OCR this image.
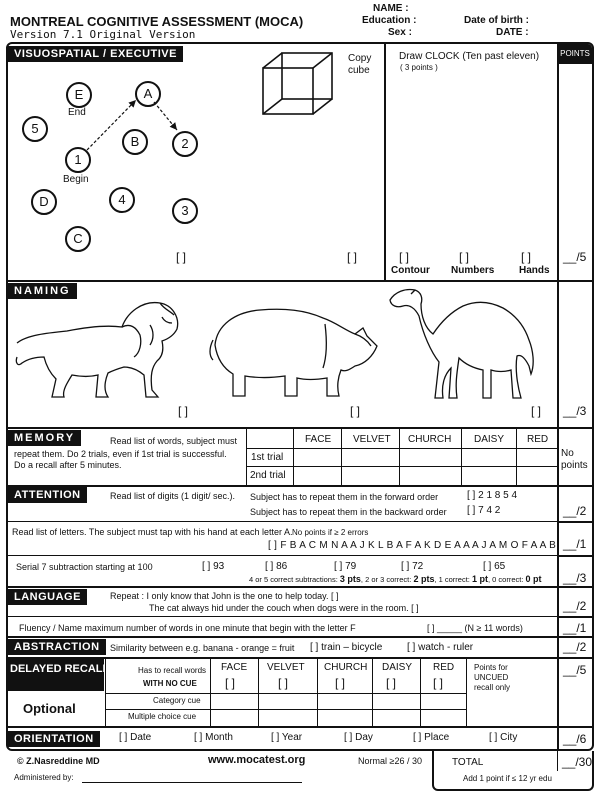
MONTREAL COGNITIVE ASSESSMENT (MOCA)
Version 7.1 Original Version
NAME :
Education :
Sex :
Date of birth :
DATE :
POINTS
VISUOSPATIAL / EXECUTIVE
E
End
A
5
B	2
1
Begin
D	4
3
C
[ ]
Copy
cube
[ ]
Draw CLOCK (Ten past eleven)
( 3 points )
[ ]	[ ]	[ ]
Contour Numbers Hands
__/5
NAMING
[ ]	[ ]	[ ] __/3
MEMORY	Read list of words, subject must
repeat them. Do 2 trials, even if 1st trial is successful.
Do a recall after 5 minutes.
FACE VELVET CHURCH DAISY RED
1st trial
2nd trial
No
points
ATTENTION	Read list of digits (1 digit/ sec.). Subject has to repeat them in the forward order	[ ] 2 1 8 5 4
Subject has to repeat them in the backward order [ ] 7 4 2	__/2
Read list of letters. The subject must tap with his hand at each letter A. No points if ≥ 2 errors
[ ] F B A C M N A A J K L B A F A K D E A A A J A M O F A A B __/1
Serial 7 subtraction starting at 100	[ ] 93	[ ] 86	[ ] 79	[ ] 72	[ ] 65
4 or 5 correct subtractions: 3 pts, 2 or 3 correct: 2 pts, 1 correct: 1 pt, 0 correct: 0 pt __/3
LANGUAGE	Repeat : I only know that John is the one to help today. [ ]
The cat always hid under the couch when dogs were in the room. [ ]	__/2
Fluency / Name maximum number of words in one minute that begin with the letter F	[ ] _____ (N ≥ 11 words)	__/1
ABSTRACTION	Similarity between e.g. banana - orange = fruit [ ] train – bicycle [ ] watch - ruler	__/2
DELAYED RECALL	Has to recall words
WITH NO CUE
FACE VELVET CHURCH DAISY RED
[ ]	[ ]	[ ]	[ ]	[ ]
Points for
UNCUED
recall only
Optional
Category cue
Multiple choice cue
__/5
ORIENTATION	[ ] Date	[ ] Month	[ ] Year	[ ] Day	[ ] Place	[ ] City	__/6
© Z.Nasreddine MD	www.mocatest.org	Normal ≥26 / 30	TOTAL	__/30
Add 1 point if ≤ 12 yr edu
Administered by:
